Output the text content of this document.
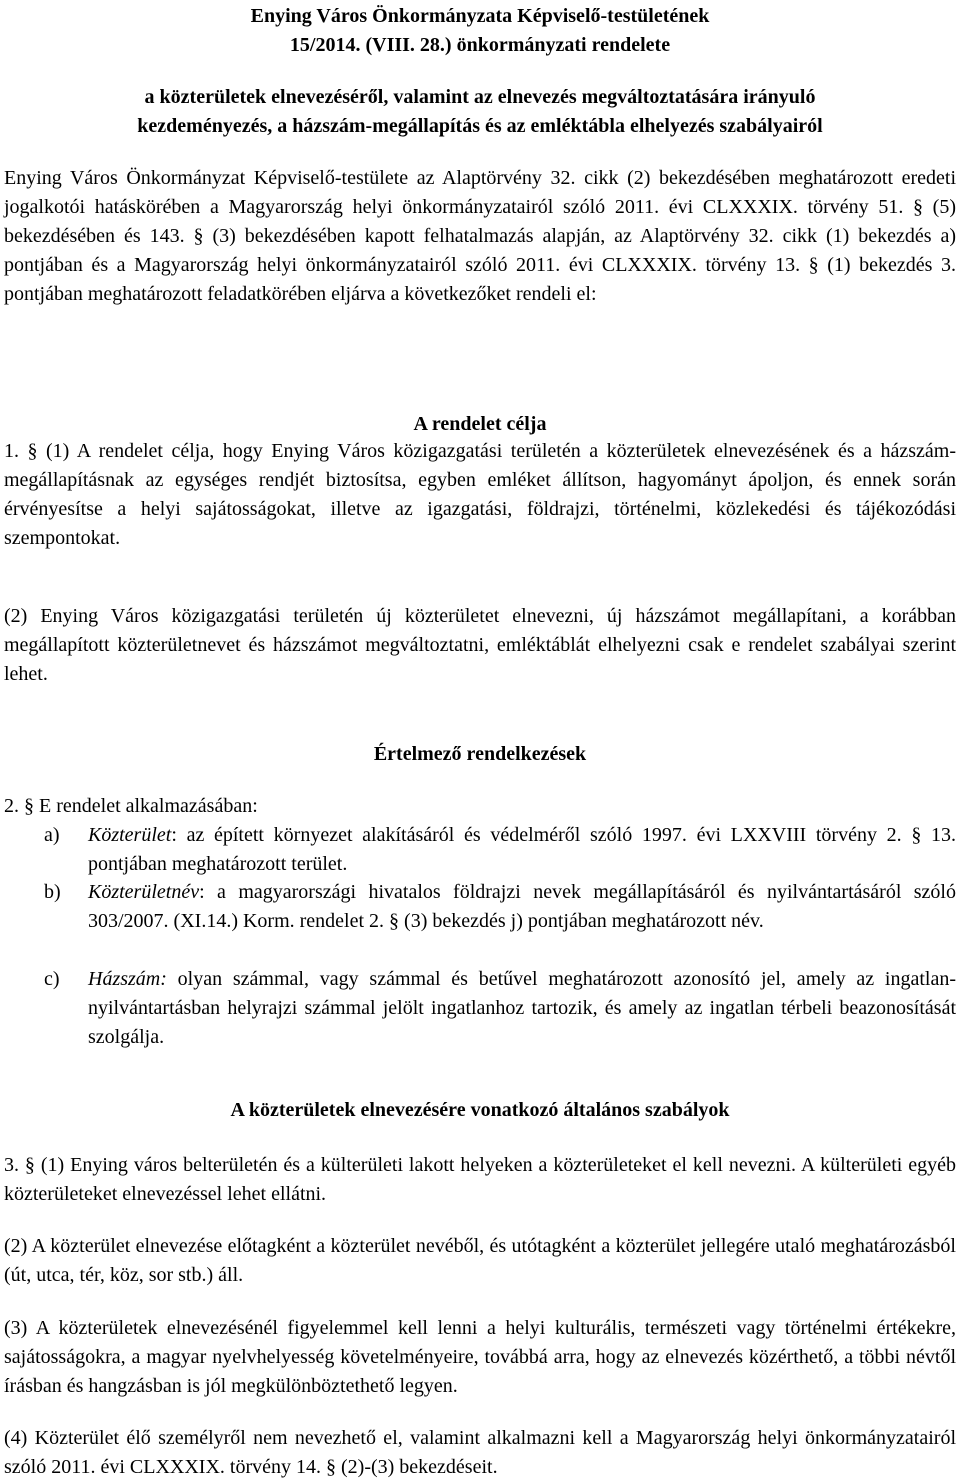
Enying Város Önkormányzata Képviselő-testületének
15/2014. (VIII. 28.) önkormányzati rendelete
a közterületek elnevezéséről, valamint az elnevezés megváltoztatására irányuló
kezdeményezés, a házszám-megállapítás és az emléktábla elhelyezés szabályairól

Enying Város Önkormányzat Képviselő-testülete az Alaptörvény 32. cikk (2) bekezdésében meghatározott eredeti jogalkotói hatáskörében a Magyarország helyi önkormányzatairól szóló 2011. évi CLXXXIX. törvény 51. § (5) bekezdésében és 143. § (3) bekezdésében kapott felhatalmazás alapján, az Alaptörvény 32. cikk (1) bekezdés a) pontjában és a Magyarország helyi önkormányzatairól szóló 2011. évi CLXXXIX. törvény 13. § (1) bekezdés 3. pontjában meghatározott feladatkörében eljárva a következőket rendeli el:

A rendelet célja

1. § (1) A rendelet célja, hogy Enying Város közigazgatási területén a közterületek elnevezésének és a házszám-megállapításnak az egységes rendjét biztosítsa, egyben emléket állítson, hagyományt ápoljon, és ennek során érvényesítse a helyi sajátosságokat, illetve az igazgatási, földrajzi, történelmi, közlekedési és tájékozódási szempontokat.

(2) Enying Város közigazgatási területén új közterületet elnevezni, új házszámot megállapítani, a korábban megállapított közterületnevet és házszámot megváltoztatni, emléktáblát elhelyezni csak e rendelet szabályai szerint lehet.

Értelmező rendelkezések

2. § E rendelet alkalmazásában:

a)	Közterület: az épített környezet alakításáról és védelméről szóló 1997. évi LXXVIII törvény 2. § 13. pontjában meghatározott terület.
b)	Közterületnév: a magyarországi hivatalos földrajzi nevek megállapításáról és nyilvántartásáról szóló 303/2007. (XI.14.) Korm. rendelet 2. § (3) bekezdés j) pontjában meghatározott név.
c)	Házszám: olyan számmal, vagy számmal és betűvel meghatározott azonosító jel, amely az ingatlan-nyilvántartásban helyrajzi számmal jelölt ingatlanhoz tartozik, és amely az ingatlan térbeli beazonosítását szolgálja.
A közterületek elnevezésére vonatkozó általános szabályok

3. § (1) Enying város belterületén és a külterületi lakott helyeken a közterületeket el kell nevezni. A külterületi egyéb közterületeket elnevezéssel lehet ellátni.

(2) A közterület elnevezése előtagként a közterület nevéből, és utótagként a közterület jellegére utaló meghatározásból (út, utca, tér, köz, sor stb.) áll.

(3) A közterületek elnevezésénél figyelemmel kell lenni a helyi kulturális, természeti vagy történelmi értékekre, sajátosságokra, a magyar nyelvhelyesség követelményeire, továbbá arra, hogy az elnevezés közérthető, a többi névtől írásban és hangzásban is jól megkülönböztethető legyen.

(4) Közterület élő személyről nem nevezhető el, valamint alkalmazni kell a Magyarország helyi önkormányzatairól szóló 2011. évi CLXXXIX. törvény 14. § (2)-(3) bekezdéseit.
